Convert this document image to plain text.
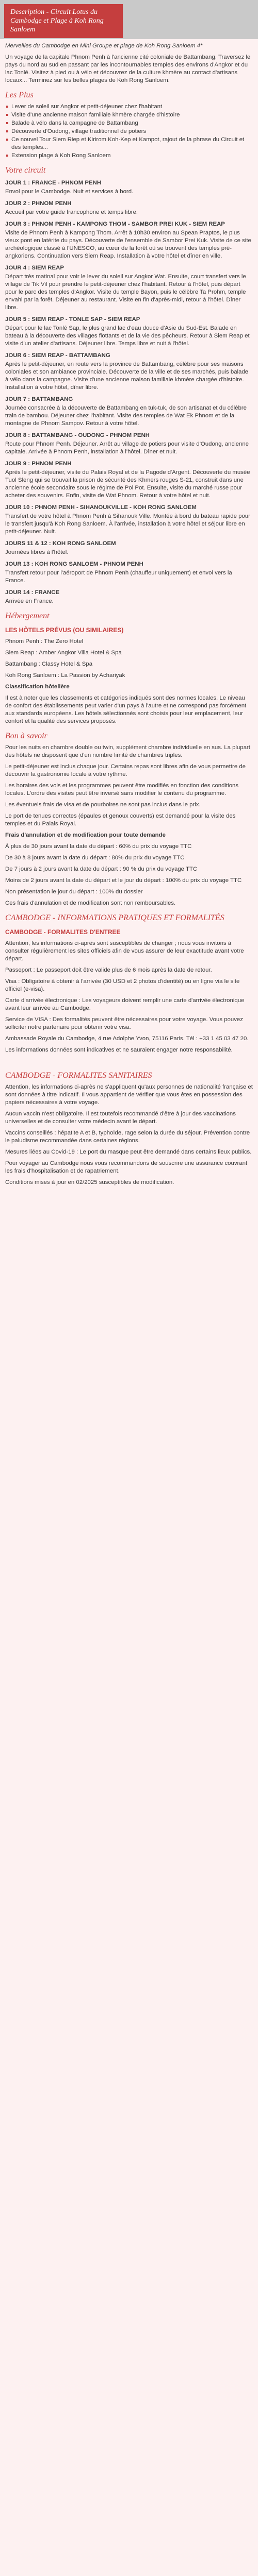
Description - Circuit Lotus du Cambodge et Plage à Koh Rong Sanloem

Merveilles du Cambodge en Mini Groupe et plage de Koh Rong Sanloem 4*

Un voyage de la capitale Phnom Penh à l'ancienne cité coloniale de Battambang. Traversez le pays du nord au sud en passant par les incontournables temples des environs d'Angkor et du lac Tonlé. Visitez à pied ou à vélo et découvrez de la culture khmère au contact d'artisans locaux... Terminez sur les belles plages de Koh Rong Sanloem.

Les Plus
Lever de soleil sur Angkor et petit-déjeuner chez l'habitant
Visite d'une ancienne maison familiale khmère chargée d'histoire
Balade à vélo dans la campagne de Battambang
Découverte d'Oudong, village traditionnel de potiers
Ce nouvel Tour Siem Riep et Kirirom Koh-Kep et Kampot, rajout de la phrase du Circuit et des temples...
Extension plage à Koh Rong Sanloem
Votre circuit
JOUR 1 : FRANCE - PHNOM PENH

Envol pour le Cambodge. Nuit et services à bord.

JOUR 2 : PHNOM PENH

Accueil par votre guide francophone et temps libre.

JOUR 3 : PHNOM PENH - KAMPONG THOM - SAMBOR PREI KUK - SIEM REAP

Visite de Phnom Penh à Kampong Thom. Arrêt à 10h30 environ au Spean Praptos, le plus vieux pont en latérite du pays. Découverte de l'ensemble de Sambor Prei Kuk. Visite de ce site archéologique classé à l'UNESCO, au cœur de la forêt où se trouvent des temples pré-angkoriens. Continuation vers Siem Reap. Installation à votre hôtel et dîner en ville.

JOUR 4 : SIEM REAP

Départ très matinal pour voir le lever du soleil sur Angkor Wat. Ensuite, court transfert vers le village de Tik Vil pour prendre le petit-déjeuner chez l'habitant. Retour à l'hôtel, puis départ pour le parc des temples d'Angkor. Visite du temple Bayon, puis le célèbre Ta Prohm, temple envahi par la forêt. Déjeuner au restaurant. Visite en fin d'après-midi, retour à l'hôtel. Dîner libre.

JOUR 5 : SIEM REAP - TONLE SAP - SIEM REAP

Départ pour le lac Tonlé Sap, le plus grand lac d'eau douce d'Asie du Sud-Est. Balade en bateau à la découverte des villages flottants et de la vie des pêcheurs. Retour à Siem Reap et visite d'un atelier d'artisans. Déjeuner libre. Temps libre et nuit à l'hôtel.

JOUR 6 : SIEM REAP - BATTAMBANG

Après le petit-déjeuner, en route vers la province de Battambang, célèbre pour ses maisons coloniales et son ambiance provinciale. Découverte de la ville et de ses marchés, puis balade à vélo dans la campagne. Visite d'une ancienne maison familiale khmère chargée d'histoire. Installation à votre hôtel, dîner libre.

JOUR 7 : BATTAMBANG

Journée consacrée à la découverte de Battambang en tuk-tuk, de son artisanat et du célèbre train de bambou. Déjeuner chez l'habitant. Visite des temples de Wat Ek Phnom et de la montagne de Phnom Sampov. Retour à votre hôtel.

JOUR 8 : BATTAMBANG - OUDONG - PHNOM PENH

Route pour Phnom Penh. Déjeuner. Arrêt au village de potiers pour visite d'Oudong, ancienne capitale. Arrivée à Phnom Penh, installation à l'hôtel. Dîner et nuit.

JOUR 9 : PHNOM PENH

Après le petit-déjeuner, visite du Palais Royal et de la Pagode d'Argent. Découverte du musée Tuol Sleng qui se trouvait la prison de sécurité des Khmers rouges S-21, construit dans une ancienne école secondaire sous le régime de Pol Pot. Ensuite, visite du marché russe pour acheter des souvenirs. Enfin, visite de Wat Phnom. Retour à votre hôtel et nuit.

JOUR 10 : PHNOM PENH - SIHANOUKVILLE - KOH RONG SANLOEM

Transfert de votre hôtel à Phnom Penh à Sihanouk Ville. Montée à bord du bateau rapide pour le transfert jusqu'à Koh Rong Sanloem. À l'arrivée, installation à votre hôtel et séjour libre en petit-déjeuner. Nuit.

JOURS 11 & 12 : KOH RONG SANLOEM

Journées libres à l'hôtel.

JOUR 13 : KOH RONG SANLOEM - PHNOM PENH

Transfert retour pour l'aéroport de Phnom Penh (chauffeur uniquement) et envol vers la France.

JOUR 14 : FRANCE

Arrivée en France.

Hébergement
LES HÔTELS PRÉVUS (OU SIMILAIRES)

Phnom Penh : The Zero Hotel

Siem Reap : Amber Angkor Villa Hotel & Spa

Battambang : Classy Hotel & Spa

Koh Rong Sanloem : La Passion by Achariyak

Classification hôtelière

Il est à noter que les classements et catégories indiqués sont des normes locales. Le niveau de confort des établissements peut varier d'un pays à l'autre et ne correspond pas forcément aux standards européens. Les hôtels sélectionnés sont choisis pour leur emplacement, leur confort et la qualité des services proposés.

Bon à savoir

Pour les nuits en chambre double ou twin, supplément chambre individuelle en sus. La plupart des hôtels ne disposent que d'un nombre limité de chambres triples.

Le petit-déjeuner est inclus chaque jour. Certains repas sont libres afin de vous permettre de découvrir la gastronomie locale à votre rythme.

Les horaires des vols et les programmes peuvent être modifiés en fonction des conditions locales. L'ordre des visites peut être inversé sans modifier le contenu du programme.

Les éventuels frais de visa et de pourboires ne sont pas inclus dans le prix.

Le port de tenues correctes (épaules et genoux couverts) est demandé pour la visite des temples et du Palais Royal.

Frais d'annulation et de modification pour toute demande

À plus de 30 jours avant la date du départ : 60% du prix du voyage TTC

De 30 à 8 jours avant la date du départ : 80% du prix du voyage TTC

De 7 jours à 2 jours avant la date du départ : 90 % du prix du voyage TTC

Moins de 2 jours avant la date du départ et le jour du départ : 100% du prix du voyage TTC

Non présentation le jour du départ : 100% du dossier

Ces frais d'annulation et de modification sont non remboursables.

CAMBODGE - INFORMATIONS PRATIQUES ET FORMALITÉS
CAMBODGE - FORMALITES D'ENTREE

Attention, les informations ci-après sont susceptibles de changer ; nous vous invitons à consulter régulièrement les sites officiels afin de vous assurer de leur exactitude avant votre départ.

Passeport : Le passeport doit être valide plus de 6 mois après la date de retour.

Visa : Obligatoire à obtenir à l'arrivée (30 USD et 2 photos d'identité) ou en ligne via le site officiel (e-visa).

Carte d'arrivée électronique : Les voyageurs doivent remplir une carte d'arrivée électronique avant leur arrivée au Cambodge.

Service de VISA : Des formalités peuvent être nécessaires pour votre voyage. Vous pouvez solliciter notre partenaire pour obtenir votre visa.

Ambassade Royale du Cambodge, 4 rue Adolphe Yvon, 75116 Paris. Tél : +33 1 45 03 47 20.

Les informations données sont indicatives et ne sauraient engager notre responsabilité.

CAMBODGE - FORMALITES SANITAIRES

Attention, les informations ci-après ne s'appliquent qu'aux personnes de nationalité française et sont données à titre indicatif. Il vous appartient de vérifier que vous êtes en possession des papiers nécessaires à votre voyage.

Aucun vaccin n'est obligatoire. Il est toutefois recommandé d'être à jour des vaccinations universelles et de consulter votre médecin avant le départ.

Vaccins conseillés : hépatite A et B, typhoïde, rage selon la durée du séjour. Prévention contre le paludisme recommandée dans certaines régions.

Mesures liées au Covid-19 : Le port du masque peut être demandé dans certains lieux publics.

Pour voyager au Cambodge nous vous recommandons de souscrire une assurance couvrant les frais d'hospitalisation et de rapatriement.

Conditions mises à jour en 02/2025 susceptibles de modification.
